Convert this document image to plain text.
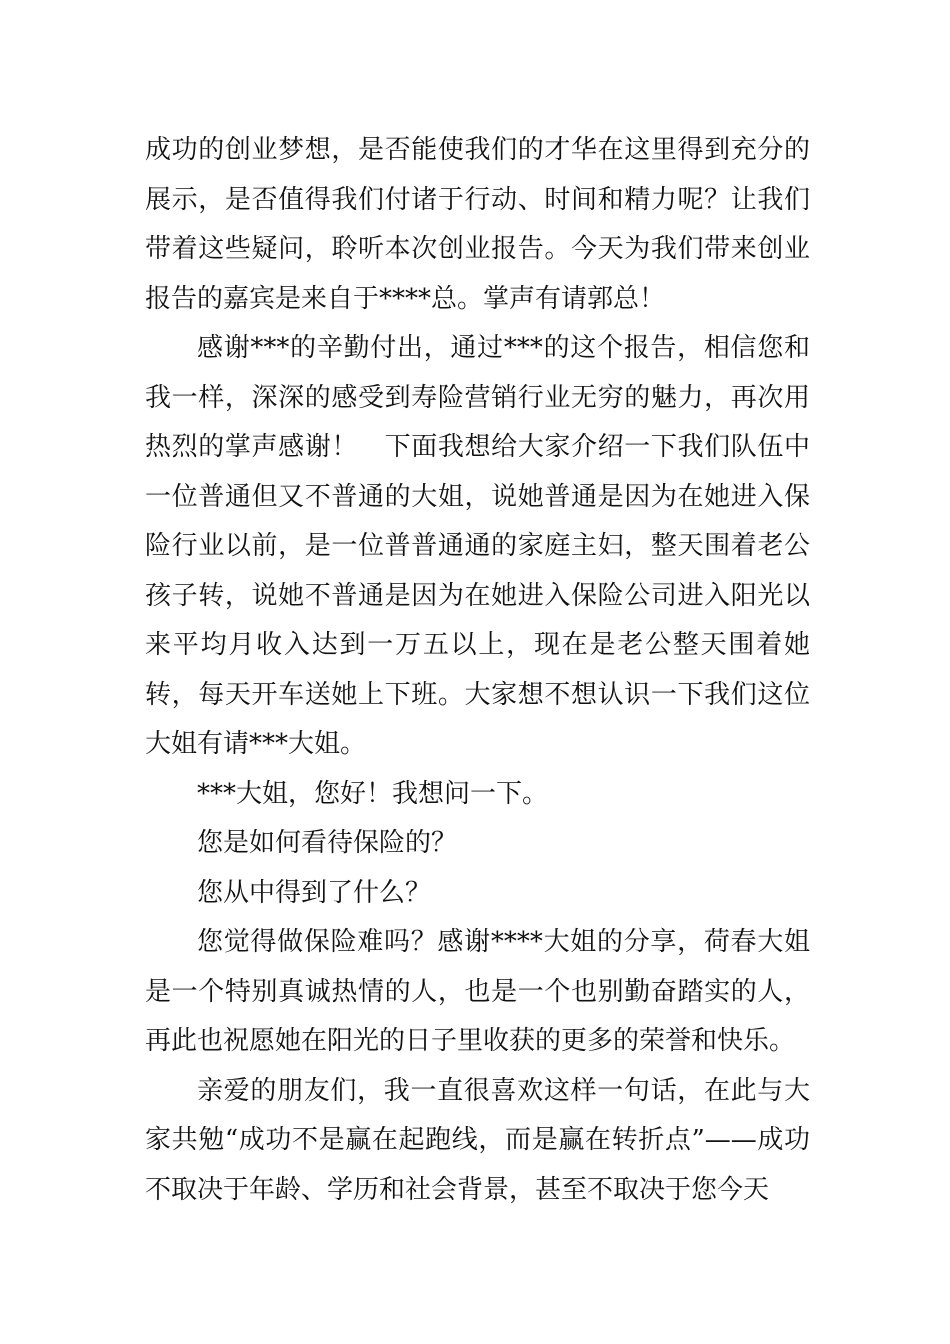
成功的创业梦想，是否能使我们的才华在这里得到充分的展示，是否值得我们付诸于行动、时间和精力呢？让我们带着这些疑问，聆听本次创业报告。今天为我们带来创业报告的嘉宾是来自于****总。掌声有请郭总！

感谢***的辛勤付出，通过***的这个报告，相信您和我一样，深深的感受到寿险营销行业无穷的魅力，再次用热烈的掌声感谢！　下面我想给大家介绍一下我们队伍中一位普通但又不普通的大姐，说她普通是因为在她进入保险行业以前，是一位普普通通的家庭主妇，整天围着老公孩子转，说她不普通是因为在她进入保险公司进入阳光以来平均月收入达到一万五以上，现在是老公整天围着她转，每天开车送她上下班。大家想不想认识一下我们这位大姐有请***大姐。

***大姐，您好！我想问一下。

您是如何看待保险的？

您从中得到了什么？

您觉得做保险难吗？感谢****大姐的分享，荷春大姐是一个特别真诚热情的人，也是一个也别勤奋踏实的人，再此也祝愿她在阳光的日子里收获的更多的荣誉和快乐。

亲爱的朋友们，我一直很喜欢这样一句话，在此与大家共勉“成功不是赢在起跑线，而是赢在转折点”——成功不取决于年龄、学历和社会背景，甚至不取决于您今天
